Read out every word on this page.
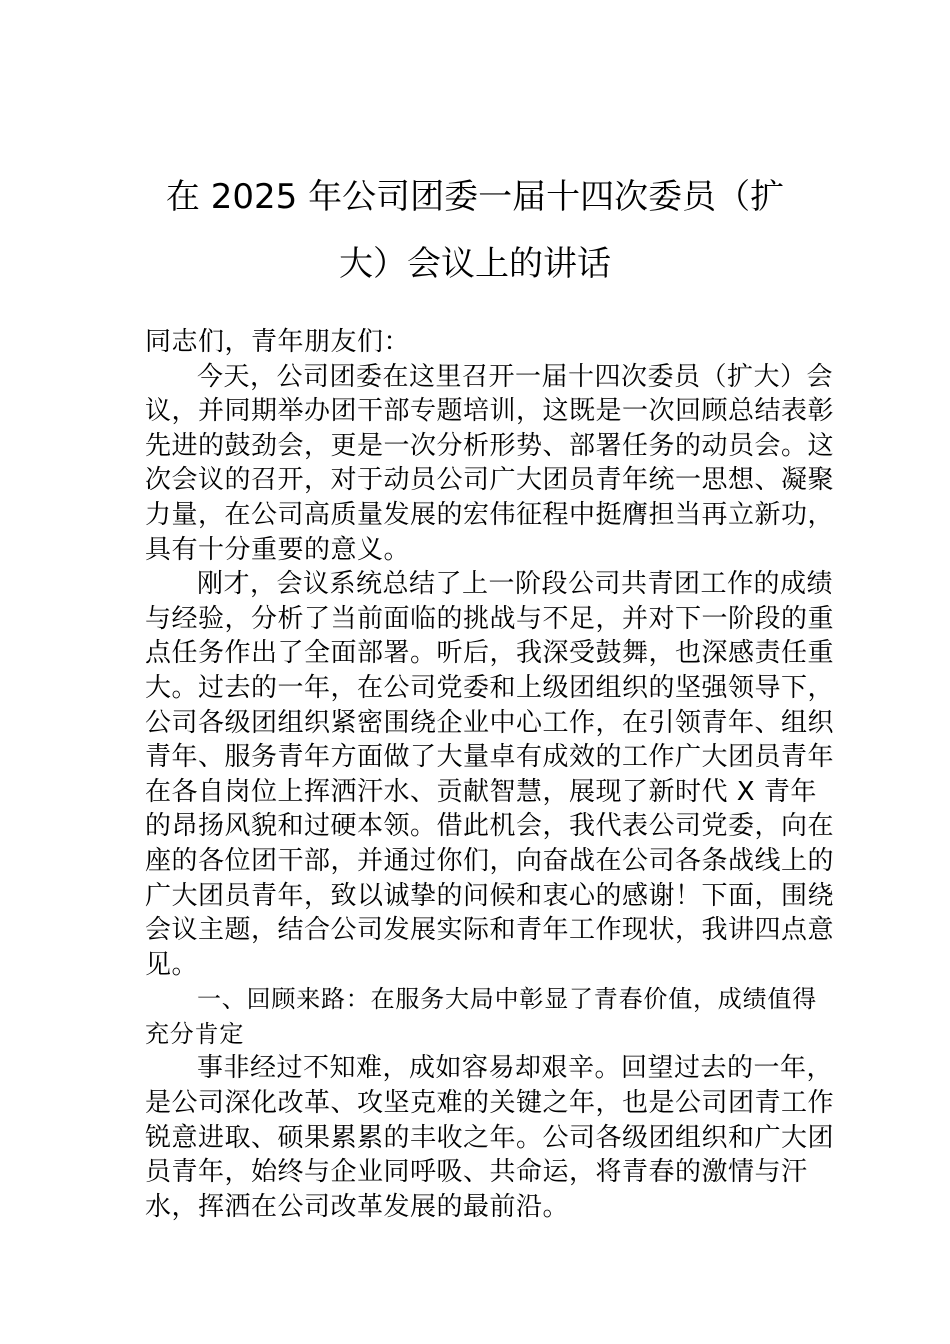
在 2025 年公司团委一届十四次委员（扩
大）会议上的讲话

同志们，青年朋友们：

今天，公司团委在这里召开一届十四次委员（扩大）会议，并同期举办团干部专题培训，这既是一次回顾总结表彰先进的鼓劲会，更是一次分析形势、部署任务的动员会。这次会议的召开，对于动员公司广大团员青年统一思想、凝聚力量，在公司高质量发展的宏伟征程中挺膺担当再立新功，具有十分重要的意义。

刚才，会议系统总结了上一阶段公司共青团工作的成绩与经验，分析了当前面临的挑战与不足，并对下一阶段的重点任务作出了全面部署。听后，我深受鼓舞，也深感责任重大。过去的一年，在公司党委和上级团组织的坚强领导下，公司各级团组织紧密围绕企业中心工作，在引领青年、组织青年、服务青年方面做了大量卓有成效的工作广大团员青年在各自岗位上挥洒汗水、贡献智慧，展现了新时代 X 青年的昂扬风貌和过硬本领。借此机会，我代表公司党委，向在座的各位团干部，并通过你们，向奋战在公司各条战线上的广大团员青年，致以诚挚的问候和衷心的感谢！下面，围绕会议主题，结合公司发展实际和青年工作现状，我讲四点意见。

一、回顾来路：在服务大局中彰显了青春价值，成绩值得充分肯定

事非经过不知难，成如容易却艰辛。回望过去的一年，是公司深化改革、攻坚克难的关键之年，也是公司团青工作锐意进取、硕果累累的丰收之年。公司各级团组织和广大团员青年，始终与企业同呼吸、共命运，将青春的激情与汗水，挥洒在公司改革发展的最前沿。
